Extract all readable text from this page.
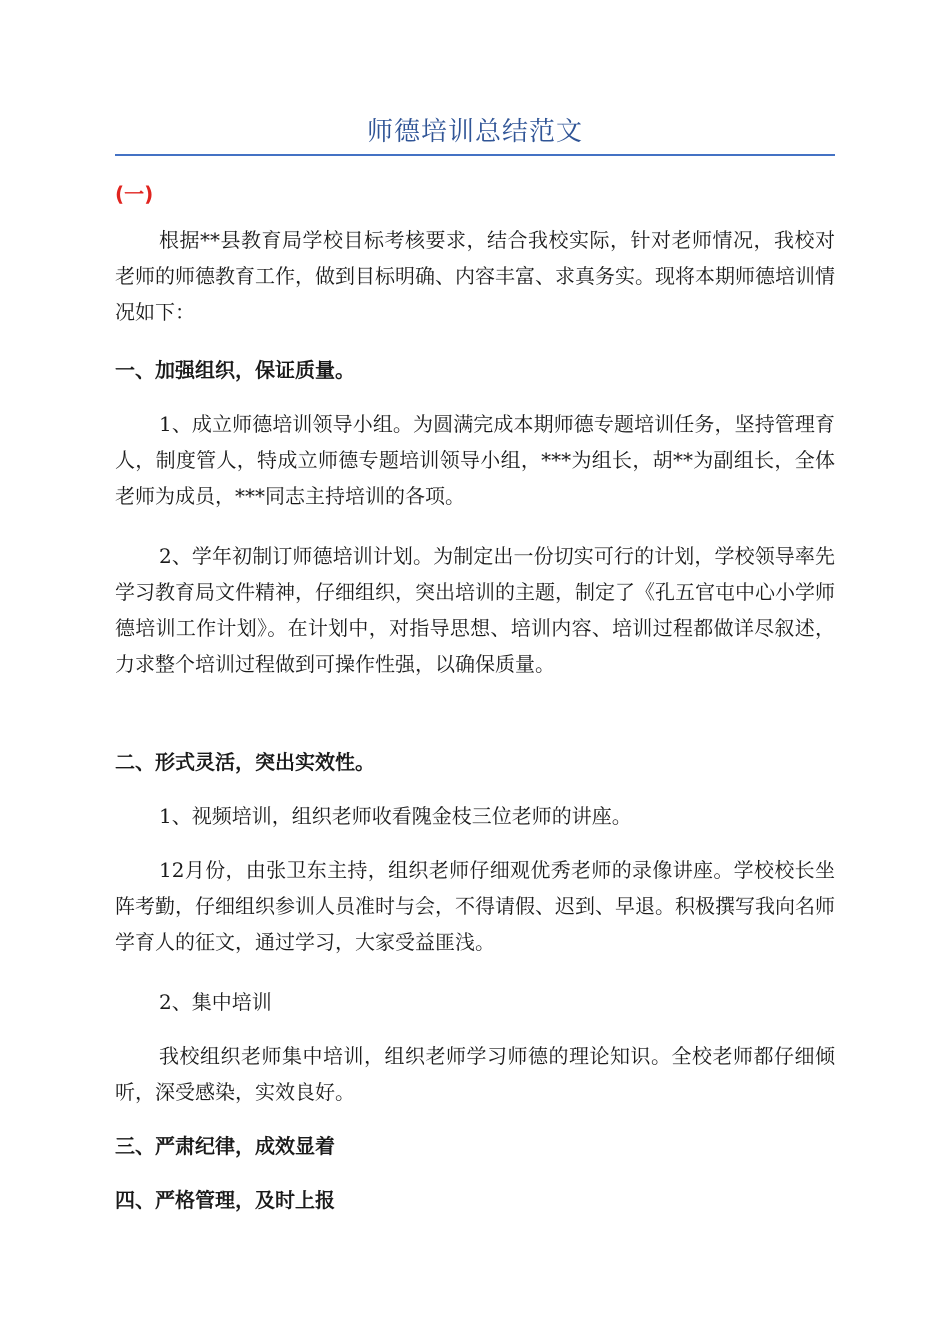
师德培训总结范文
(一)
根据**县教育局学校目标考核要求，结合我校实际，针对老师情况，我校对老师的师德教育工作，做到目标明确、内容丰富、求真务实。现将本期师德培训情况如下：
一、加强组织，保证质量。
1、成立师德培训领导小组。为圆满完成本期师德专题培训任务，坚持管理育人，制度管人，特成立师德专题培训领导小组，***为组长，胡**为副组长，全体老师为成员，***同志主持培训的各项。
2、学年初制订师德培训计划。为制定出一份切实可行的计划，学校领导率先学习教育局文件精神，仔细组织，突出培训的主题，制定了《孔五官屯中心小学师德培训工作计划》。在计划中，对指导思想、培训内容、培训过程都做详尽叙述，力求整个培训过程做到可操作性强，以确保质量。
二、形式灵活，突出实效性。
1、视频培训，组织老师收看隗金枝三位老师的讲座。
12月份，由张卫东主持，组织老师仔细观优秀老师的录像讲座。学校校长坐阵考勤，仔细组织参训人员准时与会，不得请假、迟到、早退。积极撰写我向名师学育人的征文，通过学习，大家受益匪浅。
2、集中培训
我校组织老师集中培训，组织老师学习师德的理论知识。全校老师都仔细倾听，深受感染，实效良好。
三、严肃纪律，成效显着
四、严格管理，及时上报
